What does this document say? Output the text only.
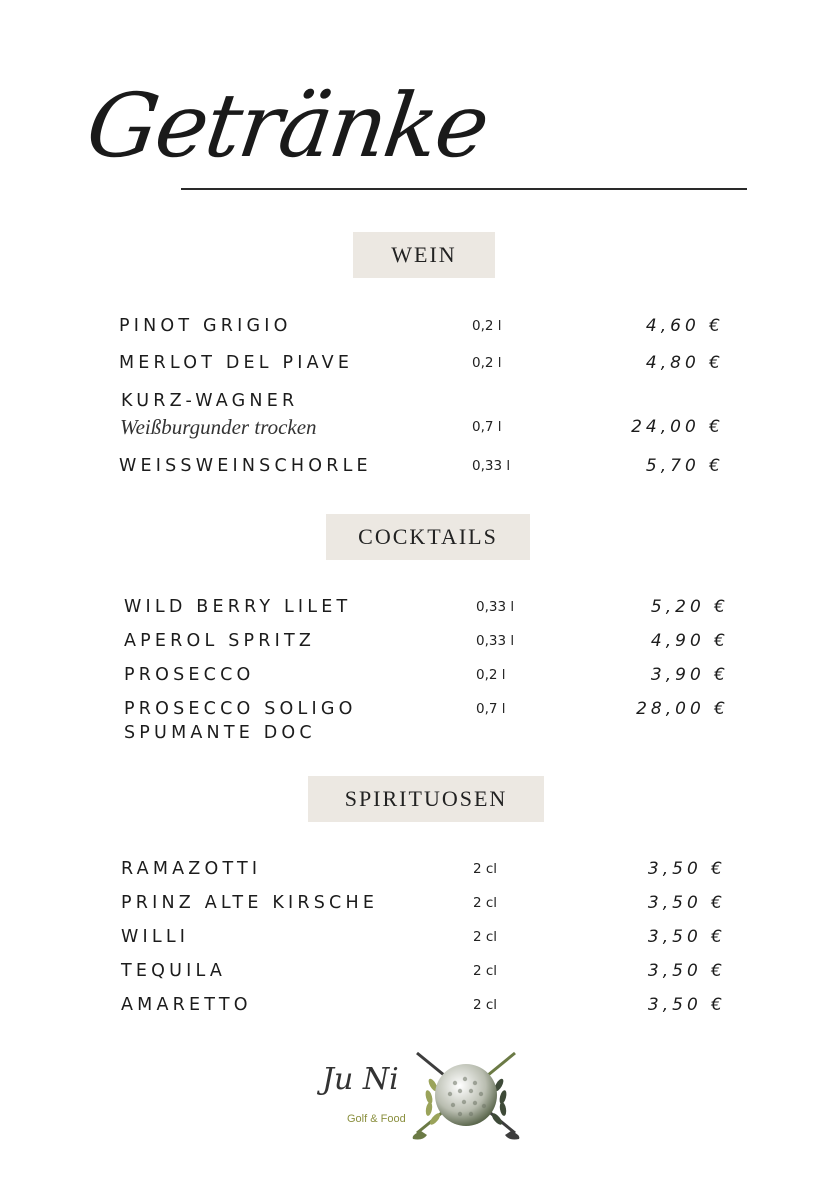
Getränke
WEIN
PINOT GRIGIO	0,2 l	4,60 €
MERLOT DEL PIAVE	0,2 l	4,80 €
KURZ-WAGNER
Weißburgunder trocken	0,7 l	24,00 €
WEISSWEINSCHORLE	0,33 l	5,70 €
COCKTAILS
WILD BERRY LILET	0,33 l	5,20 €
APEROL SPRITZ	0,33 l	4,90 €
PROSECCO	0,2 l	3,90 €
PROSECCO SOLIGO
SPUMANTE DOC
0,7 l	28,00 €
SPIRITUOSEN
RAMAZOTTI	2 cl	3,50 €
PRINZ ALTE KIRSCHE	2 cl	3,50 €
WILLI	2 cl	3,50 €
TEQUILA	2 cl	3,50 €
AMARETTO	2 cl	3,50 €
Ju Ni
Golf & Food
